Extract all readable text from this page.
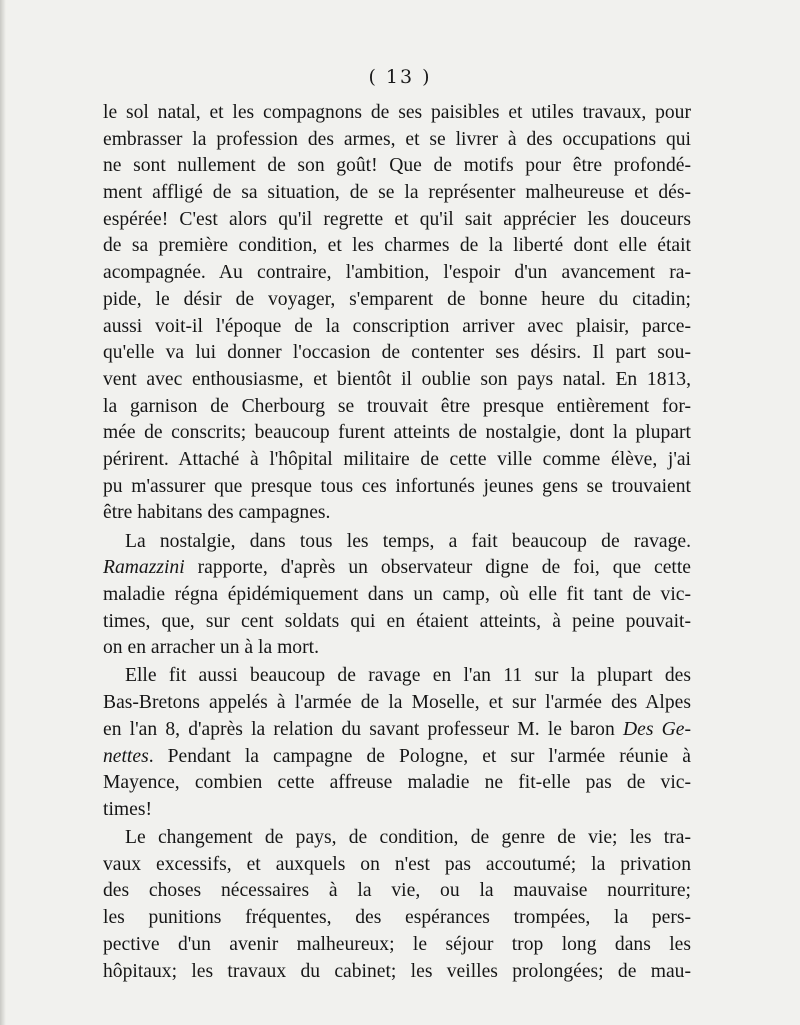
( 13 )
le sol natal, et les compagnons de ses paisibles et utiles travaux, pour
embrasser la profession des armes, et se livrer à des occupations qui
ne sont nullement de son goût! Que de motifs pour être profondé-
ment affligé de sa situation, de se la représenter malheureuse et dés-
espérée! C'est alors qu'il regrette et qu'il sait apprécier les douceurs
de sa première condition, et les charmes de la liberté dont elle était
acompagnée. Au contraire, l'ambition, l'espoir d'un avancement ra-
pide, le désir de voyager, s'emparent de bonne heure du citadin;
aussi voit-il l'époque de la conscription arriver avec plaisir, parce-
qu'elle va lui donner l'occasion de contenter ses désirs. Il part sou-
vent avec enthousiasme, et bientôt il oublie son pays natal. En 1813,
la garnison de Cherbourg se trouvait être presque entièrement for-
mée de conscrits; beaucoup furent atteints de nostalgie, dont la plupart
périrent. Attaché à l'hôpital militaire de cette ville comme élève, j'ai
pu m'assurer que presque tous ces infortunés jeunes gens se trouvaient
être habitans des campagnes.
La nostalgie, dans tous les temps, a fait beaucoup de ravage.
Ramazzini rapporte, d'après un observateur digne de foi, que cette
maladie régna épidémiquement dans un camp, où elle fit tant de vic-
times, que, sur cent soldats qui en étaient atteints, à peine pouvait-
on en arracher un à la mort.
Elle fit aussi beaucoup de ravage en l'an 11 sur la plupart des
Bas-Bretons appelés à l'armée de la Moselle, et sur l'armée des Alpes
en l'an 8, d'après la relation du savant professeur M. le baron Des Ge-
nettes. Pendant la campagne de Pologne, et sur l'armée réunie à
Mayence, combien cette affreuse maladie ne fit-elle pas de vic-
times!
Le changement de pays, de condition, de genre de vie; les tra-
vaux excessifs, et auxquels on n'est pas accoutumé; la privation
des choses nécessaires à la vie, ou la mauvaise nourriture;
les punitions fréquentes, des espérances trompées, la pers-
pective d'un avenir malheureux; le séjour trop long dans les
hôpitaux; les travaux du cabinet; les veilles prolongées; de mau-
